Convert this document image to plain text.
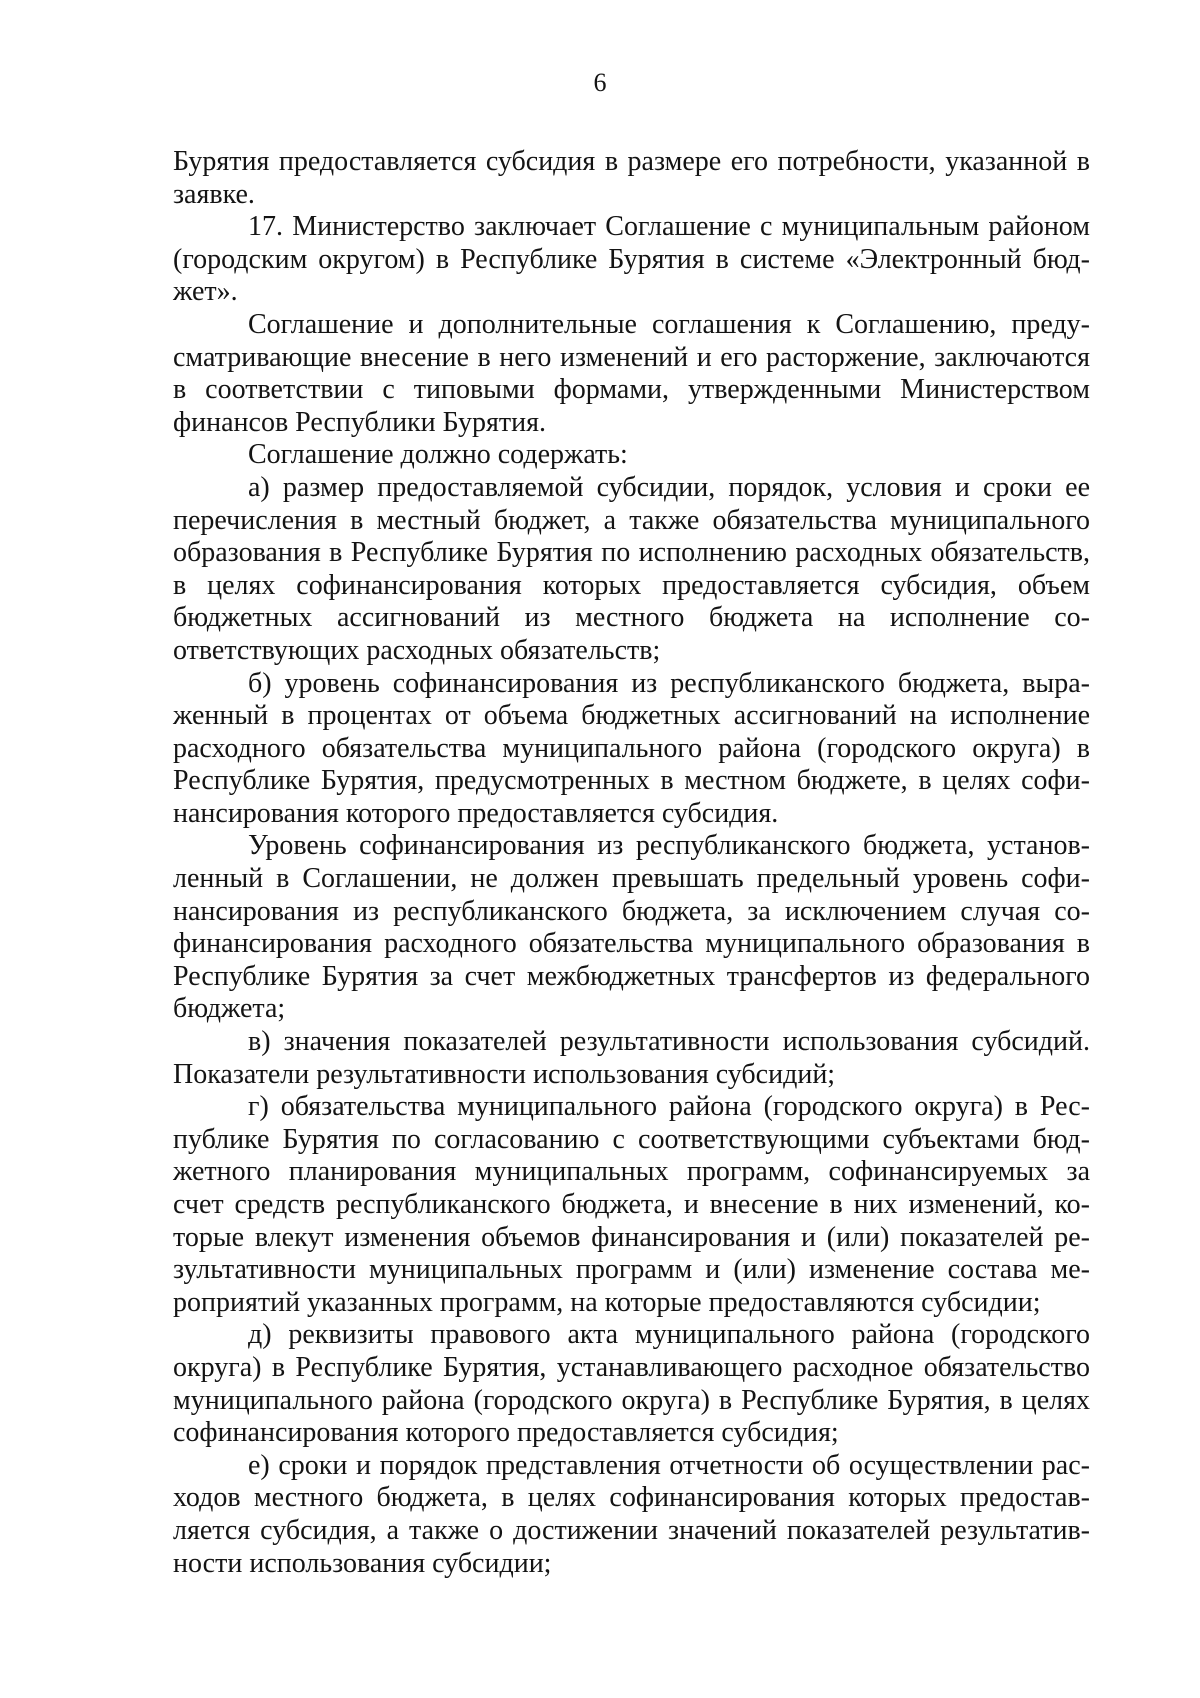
6

Бурятия предоставляется субсидия в размере его потребности, указанной в заявке.

17. Министерство заключает Соглашение с муниципальным районом (городским округом) в Республике Бурятия в системе «Электронный бюджет».

Соглашение и дополнительные соглашения к Соглашению, предусматривающие внесение в него изменений и его расторжение, заключаются в соответствии с типовыми формами, утвержденными Министерством финансов Республики Бурятия.

Соглашение должно содержать:

а) размер предоставляемой субсидии, порядок, условия и сроки ее перечисления в местный бюджет, а также обязательства муниципального образования в Республике Бурятия по исполнению расходных обязательств, в целях софинансирования которых предоставляется субсидия, объем бюджетных ассигнований из местного бюджета на исполнение соответствующих расходных обязательств;

б) уровень софинансирования из республиканского бюджета, выраженный в процентах от объема бюджетных ассигнований на исполнение расходного обязательства муниципального района (городского округа) в Республике Бурятия, предусмотренных в местном бюджете, в целях софинансирования которого предоставляется субсидия.

Уровень софинансирования из республиканского бюджета, установленный в Соглашении, не должен превышать предельный уровень софинансирования из республиканского бюджета, за исключением случая софинансирования расходного обязательства муниципального образования в Республике Бурятия за счет межбюджетных трансфертов из федерального бюджета;

в) значения показателей результативности использования субсидий. Показатели результативности использования субсидий;

г) обязательства муниципального района (городского округа) в Республике Бурятия по согласованию с соответствующими субъектами бюджетного планирования муниципальных программ, софинансируемых за счет средств республиканского бюджета, и внесение в них изменений, которые влекут изменения объемов финансирования и (или) показателей результативности муниципальных программ и (или) изменение состава мероприятий указанных программ, на которые предоставляются субсидии;

д) реквизиты правового акта муниципального района (городского округа) в Республике Бурятия, устанавливающего расходное обязательство муниципального района (городского округа) в Республике Бурятия, в целях софинансирования которого предоставляется субсидия;

е) сроки и порядок представления отчетности об осуществлении расходов местного бюджета, в целях софинансирования которых предоставляется субсидия, а также о достижении значений показателей результативности использования субсидии;
